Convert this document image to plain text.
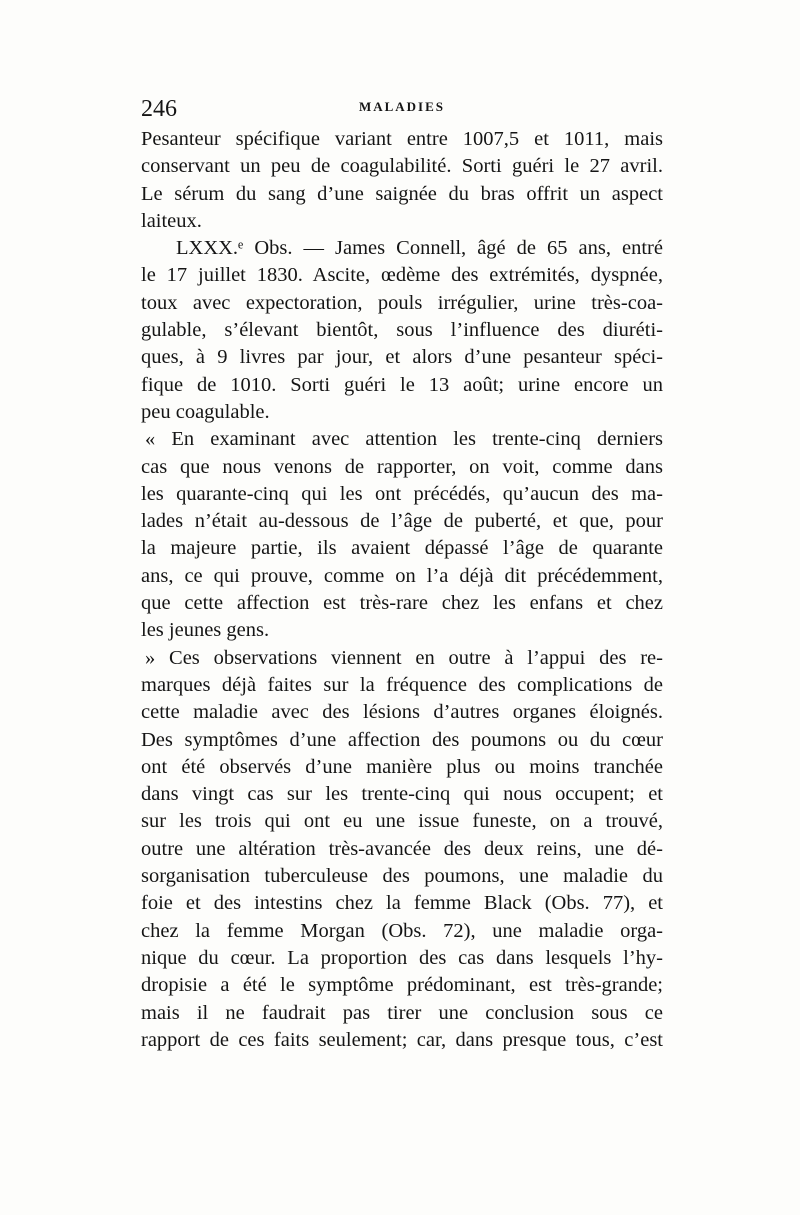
246	MALADIES
Pesanteur spécifique variant entre 1007,5 et 1011, mais
conservant un peu de coagulabilité. Sorti guéri le 27 avril.
Le sérum du sang d’une saignée du bras offrit un aspect
laiteux.
LXXX.ᵉ Obs. — James Connell, âgé de 65 ans, entré
le 17 juillet 1830. Ascite, œdème des extrémités, dyspnée,
toux avec expectoration, pouls irrégulier, urine très-coa-
gulable, s’élevant bientôt, sous l’influence des diuréti-
ques, à 9 livres par jour, et alors d’une pesanteur spéci-
fique de 1010. Sorti guéri le 13 août; urine encore un
peu coagulable.
« En examinant avec attention les trente-cinq derniers
cas que nous venons de rapporter, on voit, comme dans
les quarante-cinq qui les ont précédés, qu’aucun des ma-
lades n’était au-dessous de l’âge de puberté, et que, pour
la majeure partie, ils avaient dépassé l’âge de quarante
ans, ce qui prouve, comme on l’a déjà dit précédemment,
que cette affection est très-rare chez les enfans et chez
les jeunes gens.
» Ces observations viennent en outre à l’appui des re-
marques déjà faites sur la fréquence des complications de
cette maladie avec des lésions d’autres organes éloignés.
Des symptômes d’une affection des poumons ou du cœur
ont été observés d’une manière plus ou moins tranchée
dans vingt cas sur les trente-cinq qui nous occupent; et
sur les trois qui ont eu une issue funeste, on a trouvé,
outre une altération très-avancée des deux reins, une dé-
sorganisation tuberculeuse des poumons, une maladie du
foie et des intestins chez la femme Black (Obs. 77), et
chez la femme Morgan (Obs. 72), une maladie orga-
nique du cœur. La proportion des cas dans lesquels l’hy-
dropisie a été le symptôme prédominant, est très-grande;
mais il ne faudrait pas tirer une conclusion sous ce
rapport de ces faits seulement; car, dans presque tous, c’est
